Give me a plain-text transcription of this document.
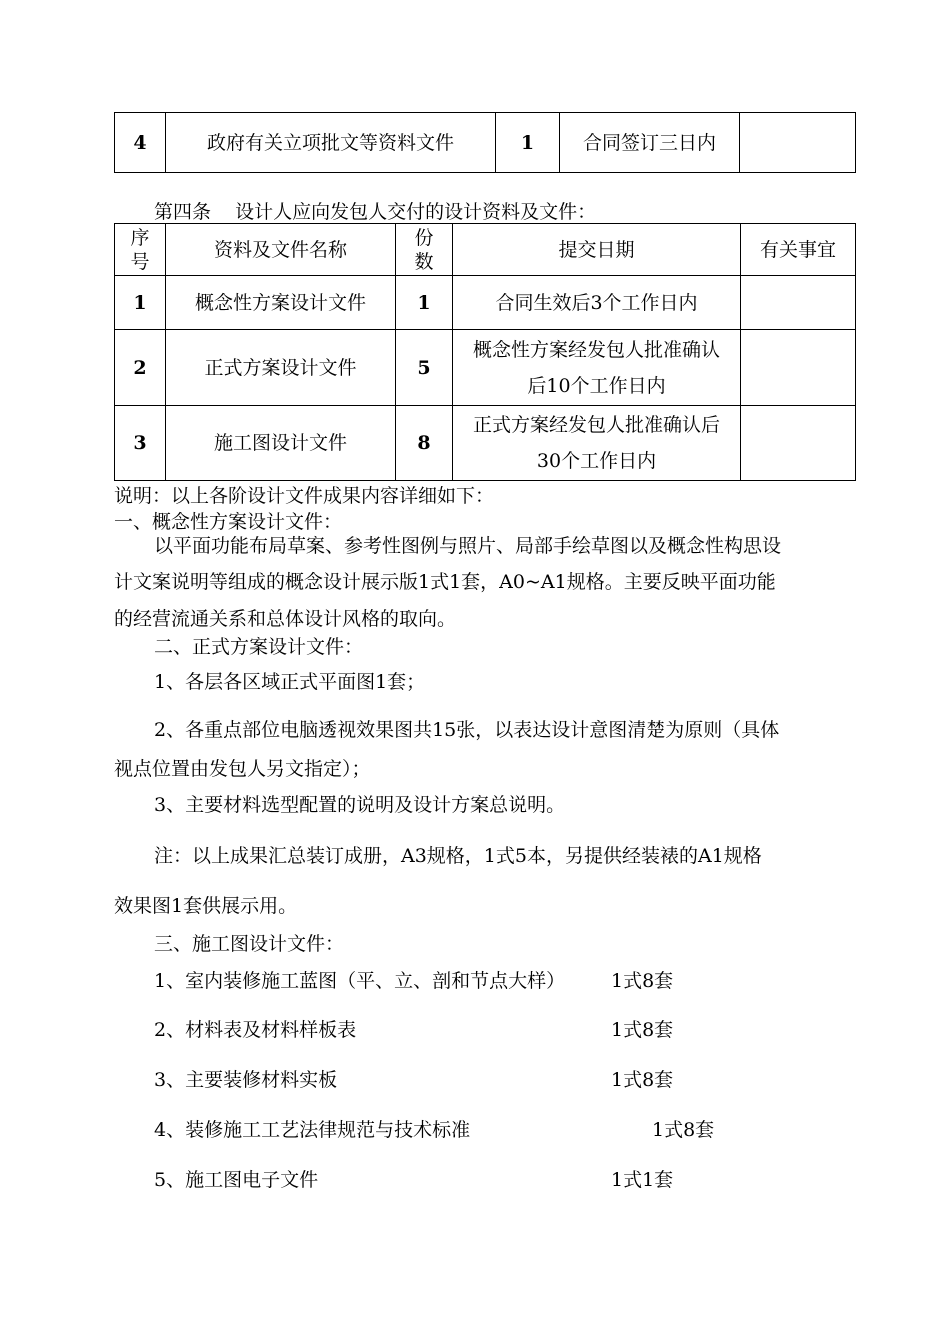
4	政府有关立项批文等资料文件	1	合同签订三日内	
第四条    设计人应向发包人交付的设计资料及文件：
序
号	资料及文件名称	份
数	提交日期	有关事宜
1	概念性方案设计文件	1	合同生效后3个工作日内	
2	正式方案设计文件	5	概念性方案经发包人批准确认
后10个工作日内	
3	施工图设计文件	8	正式方案经发包人批准确认后
30个工作日内	
说明：以上各阶设计文件成果内容详细如下：
一、概念性方案设计文件：
以平面功能布局草案、参考性图例与照片、局部手绘草图以及概念性构思设
计文案说明等组成的概念设计展示版1式1套，A0~A1规格。主要反映平面功能
的经营流通关系和总体设计风格的取向。
二、正式方案设计文件：
1、各层各区域正式平面图1套；
2、各重点部位电脑透视效果图共15张，以表达设计意图清楚为原则（具体
视点位置由发包人另文指定）；
3、主要材料选型配置的说明及设计方案总说明。
注：以上成果汇总装订成册，A3规格，1式5本，另提供经装裱的A1规格
效果图1套供展示用。
三、施工图设计文件：
1、室内装修施工蓝图（平、立、剖和节点大样） 1式8套
2、材料表及材料样板表	1式8套
3、主要装修材料实板	1式8套
4、装修施工工艺法律规范与技术标准	1式8套
5、施工图电子文件	1式1套
